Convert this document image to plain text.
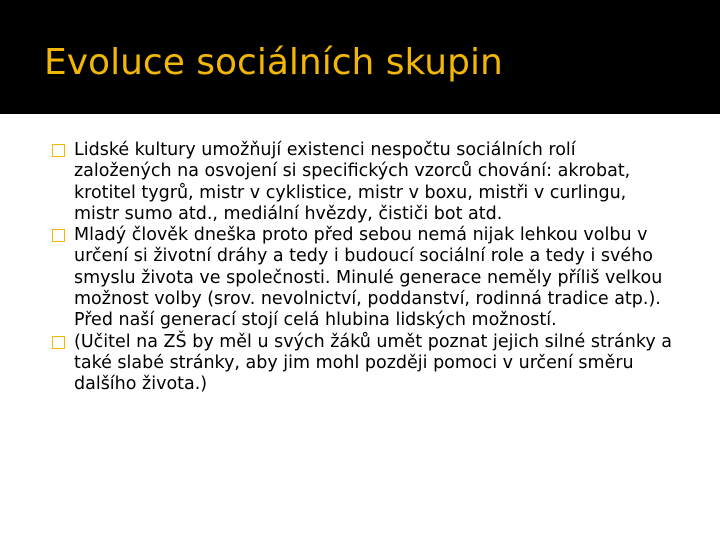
Evoluce sociálních skupin
Lidské kultury umožňují existenci nespočtu sociálních rolí založených na osvojení si specifických vzorců chování: akrobat, krotitel tygrů, mistr v cyklistice, mistr v boxu, mistři v curlingu, mistr sumo atd., mediální hvězdy, čističi bot atd.
Mladý člověk dneška proto před sebou nemá nijak lehkou volbu v určení si životní dráhy a tedy i budoucí sociální role a tedy i svého smyslu života ve společnosti. Minulé generace neměly příliš velkou možnost volby (srov. nevolnictví, poddanství, rodinná tradice atp.). Před naší generací stojí celá hlubina lidských možností.
(Učitel na ZŠ by měl u svých žáků umět poznat jejich silné stránky a také slabé stránky, aby jim mohl později pomoci v určení směru dalšího života.)
